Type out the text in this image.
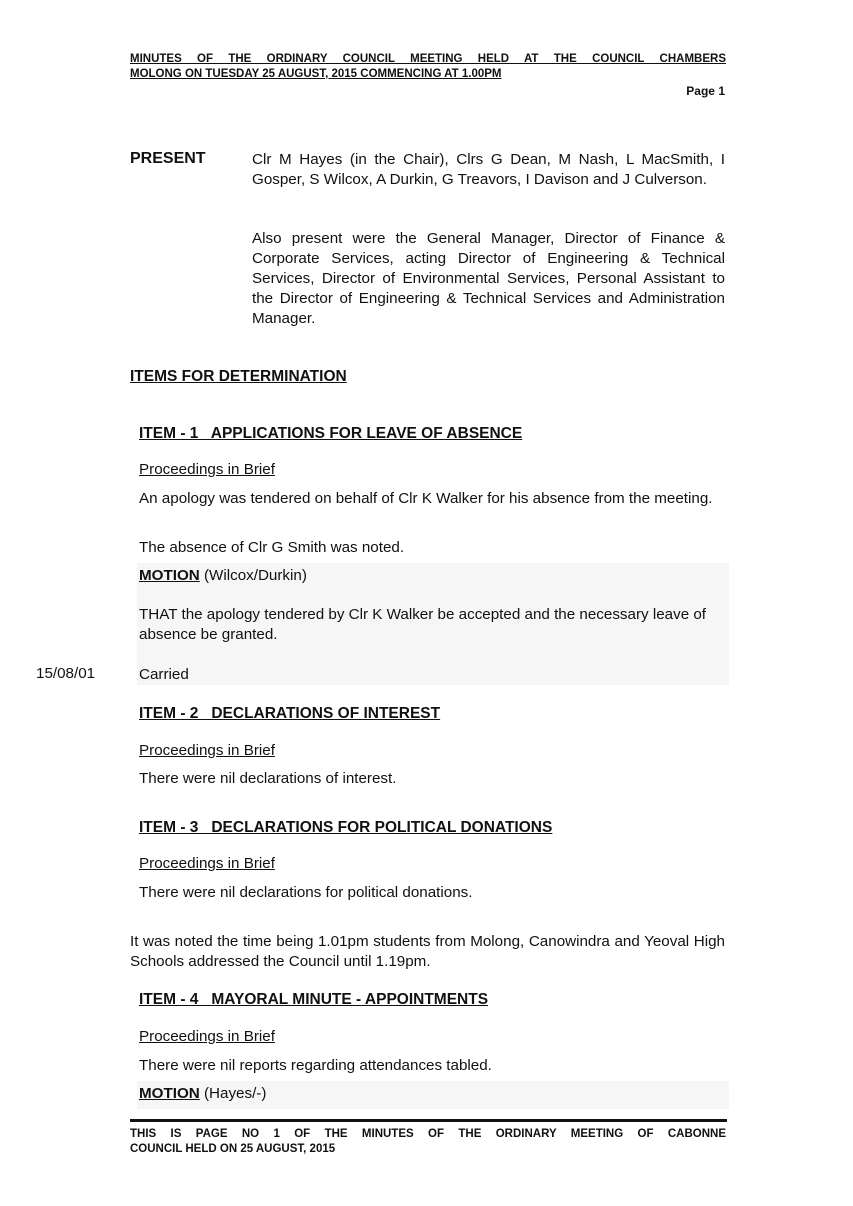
MINUTES OF THE ORDINARY COUNCIL MEETING HELD AT THE COUNCIL CHAMBERS
MOLONG ON TUESDAY 25 AUGUST, 2015 COMMENCING AT 1.00PM
Page 1
PRESENT	Clr M Hayes (in the Chair), Clrs G Dean, M Nash, L MacSmith, I Gosper, S Wilcox, A Durkin, G Treavors, I Davison and J Culverson.
Also present were the General Manager, Director of Finance & Corporate Services, acting Director of Engineering & Technical Services, Director of Environmental Services, Personal Assistant to the Director of Engineering & Technical Services and Administration Manager.
ITEMS FOR DETERMINATION
ITEM - 1   APPLICATIONS FOR LEAVE OF ABSENCE
Proceedings in Brief
An apology was tendered on behalf of Clr K Walker for his absence from the meeting.
The absence of Clr G Smith was noted.
MOTION (Wilcox/Durkin)
THAT the apology tendered by Clr K Walker be accepted and the necessary leave of absence be granted.
Carried
15/08/01
ITEM - 2   DECLARATIONS OF INTEREST
Proceedings in Brief
There were nil declarations of interest.
ITEM - 3   DECLARATIONS FOR POLITICAL DONATIONS
Proceedings in Brief
There were nil declarations for political donations.
It was noted the time being 1.01pm students from Molong, Canowindra and Yeoval High Schools addressed the Council until 1.19pm.
ITEM - 4   MAYORAL MINUTE - APPOINTMENTS
Proceedings in Brief
There were nil reports regarding attendances tabled.
MOTION (Hayes/-)
THIS IS PAGE NO 1 OF THE MINUTES OF THE ORDINARY MEETING OF CABONNE
COUNCIL HELD ON 25 AUGUST, 2015
